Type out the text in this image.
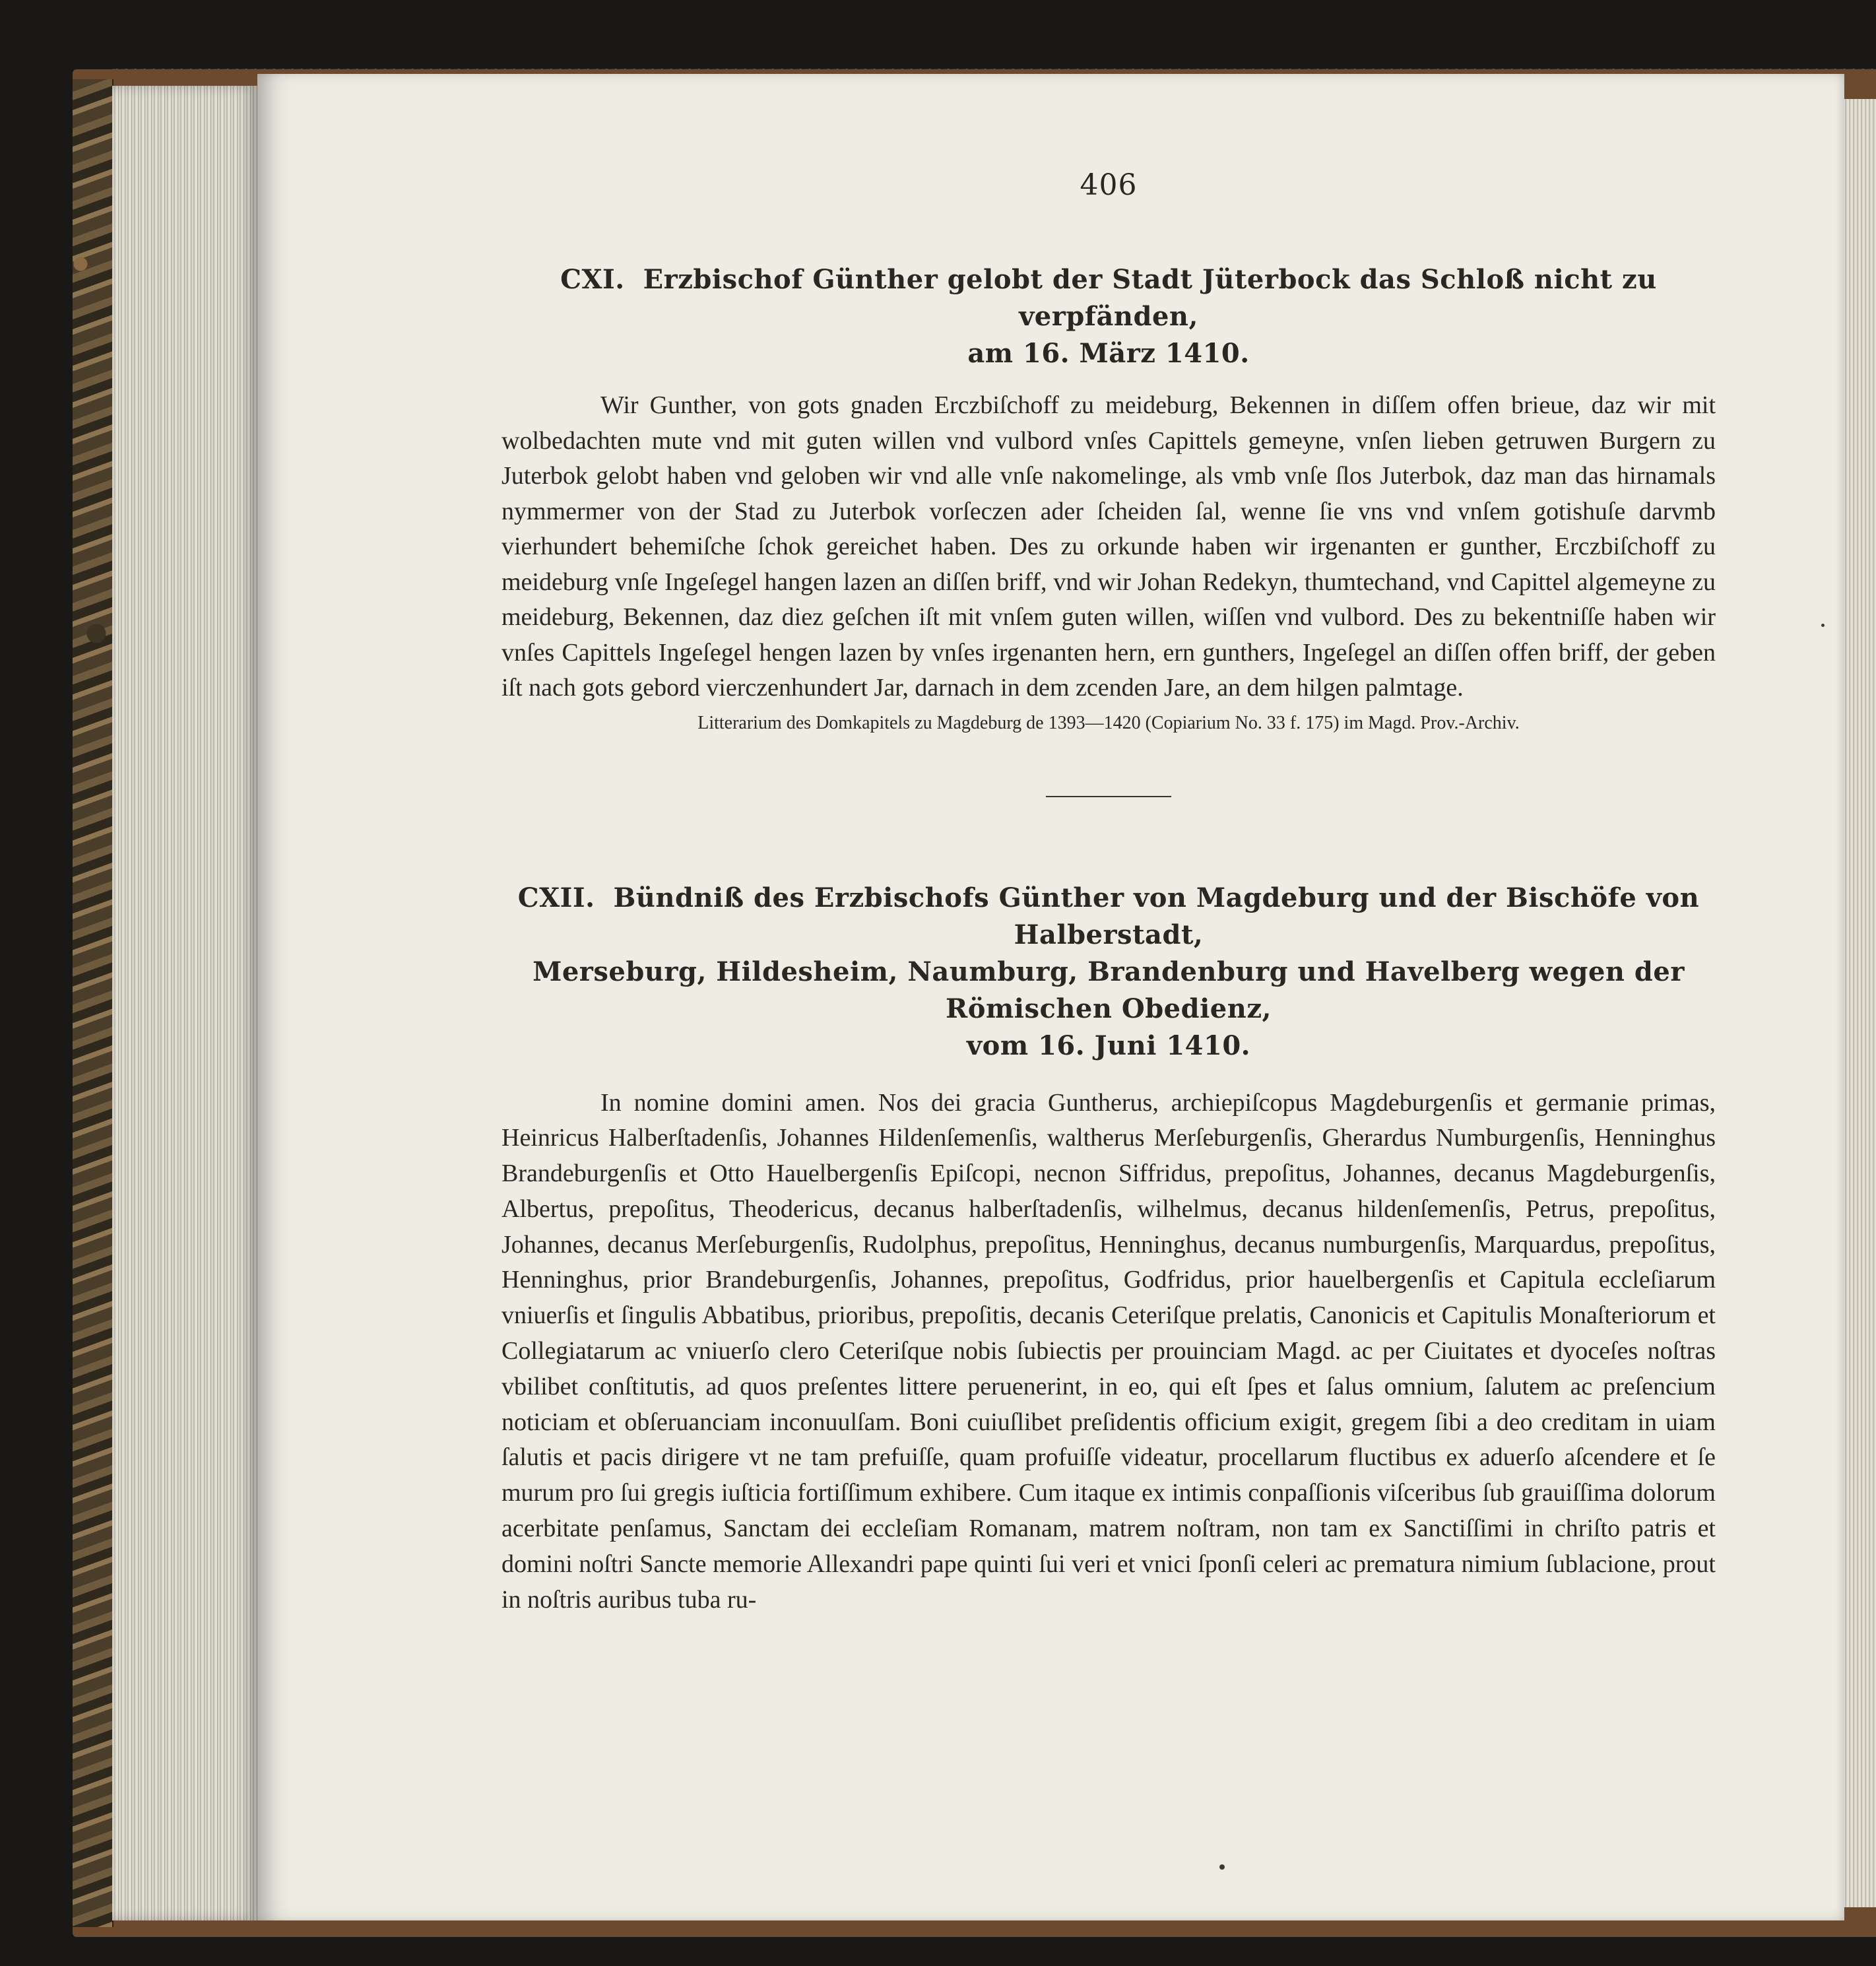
406
CXI. Erzbischof Günther gelobt der Stadt Jüterbock das Schloß nicht zu verpfänden,
am 16. März 1410.

Wir Gunther, von gots gnaden Erczbiſchoff zu meideburg, Bekennen in diſſem offen brieue, daz wir mit wolbedachten mute vnd mit guten willen vnd vulbord vnſes Capittels gemeyne, vnſen lieben getruwen Burgern zu Juterbok gelobt haben vnd geloben wir vnd alle vnſe nakomelinge, als vmb vnſe ſlos Juterbok, daz man das hirnamals nymmermer von der Stad zu Juterbok vorſeczen ader ſcheiden ſal, wenne ſie vns vnd vnſem gotishuſe darvmb vierhundert behemiſche ſchok gereichet haben. Des zu orkunde haben wir irgenanten er gunther, Erczbiſchoff zu meideburg vnſe Ingeſegel hangen lazen an diſſen briff, vnd wir Johan Redekyn, thumtechand, vnd Capittel algemeyne zu meideburg, Bekennen, daz diez geſchen iſt mit vnſem guten willen, wiſſen vnd vulbord. Des zu bekentniſſe haben wir vnſes Capittels Ingeſegel hengen lazen by vnſes irgenanten hern, ern gunthers, Ingeſegel an diſſen offen briff, der geben iſt nach gots gebord vierczenhundert Jar, darnach in dem zcenden Jare, an dem hilgen palmtage.

Litterarium des Domkapitels zu Magdeburg de 1393—1420 (Copiarium No. 33 f. 175) im Magd. Prov.-Archiv.

CXII. Bündniß des Erzbischofs Günther von Magdeburg und der Bischöfe von Halberstadt,
Merseburg, Hildesheim, Naumburg, Brandenburg und Havelberg wegen der Römischen Obedienz,
vom 16. Juni 1410.

In nomine domini amen. Nos dei gracia Guntherus, archiepiſcopus Magdeburgenſis et germanie primas, Heinricus Halberſtadenſis, Johannes Hildenſemenſis, waltherus Merſeburgenſis, Gherardus Numburgenſis, Henninghus Brandeburgenſis et Otto Hauelbergenſis Epiſcopi, necnon Siffridus, prepoſitus, Johannes, decanus Magdeburgenſis, Albertus, prepoſitus, Theodericus, decanus halberſtadenſis, wilhelmus, decanus hildenſemenſis, Petrus, prepoſitus, Johannes, decanus Merſeburgenſis, Rudolphus, prepoſitus, Henninghus, decanus numburgenſis, Marquardus, prepoſitus, Henninghus, prior Brandeburgenſis, Johannes, prepoſitus, Godfridus, prior hauelbergenſis et Capitula eccleſiarum vniuerſis et ſingulis Abbatibus, prioribus, prepoſitis, decanis Ceteriſque prelatis, Canonicis et Capitulis Monaſteriorum et Collegiatarum ac vniuerſo clero Ceteriſque nobis ſubiectis per prouinciam Magd. ac per Ciuitates et dyoceſes noſtras vbilibet conſtitutis, ad quos preſentes littere peruenerint, in eo, qui eſt ſpes et ſalus omnium, ſalutem ac preſencium noticiam et obſeruanciam inconuulſam. Boni cuiuſlibet preſidentis officium exigit, gregem ſibi a deo creditam in uiam ſalutis et pacis dirigere vt ne tam prefuiſſe, quam profuiſſe videatur, procellarum fluctibus ex aduerſo aſcendere et ſe murum pro ſui gregis iuſticia fortiſſimum exhibere. Cum itaque ex intimis conpaſſionis viſceribus ſub grauiſſima dolorum acerbitate penſamus, Sanctam dei eccleſiam Romanam, matrem noſtram, non tam ex Sanctiſſimi in chriſto patris et domini noſtri Sancte memorie Allexandri pape quinti ſui veri et vnici ſponſi celeri ac prematura nimium ſublacione, prout in noſtris auribus tuba ru-
